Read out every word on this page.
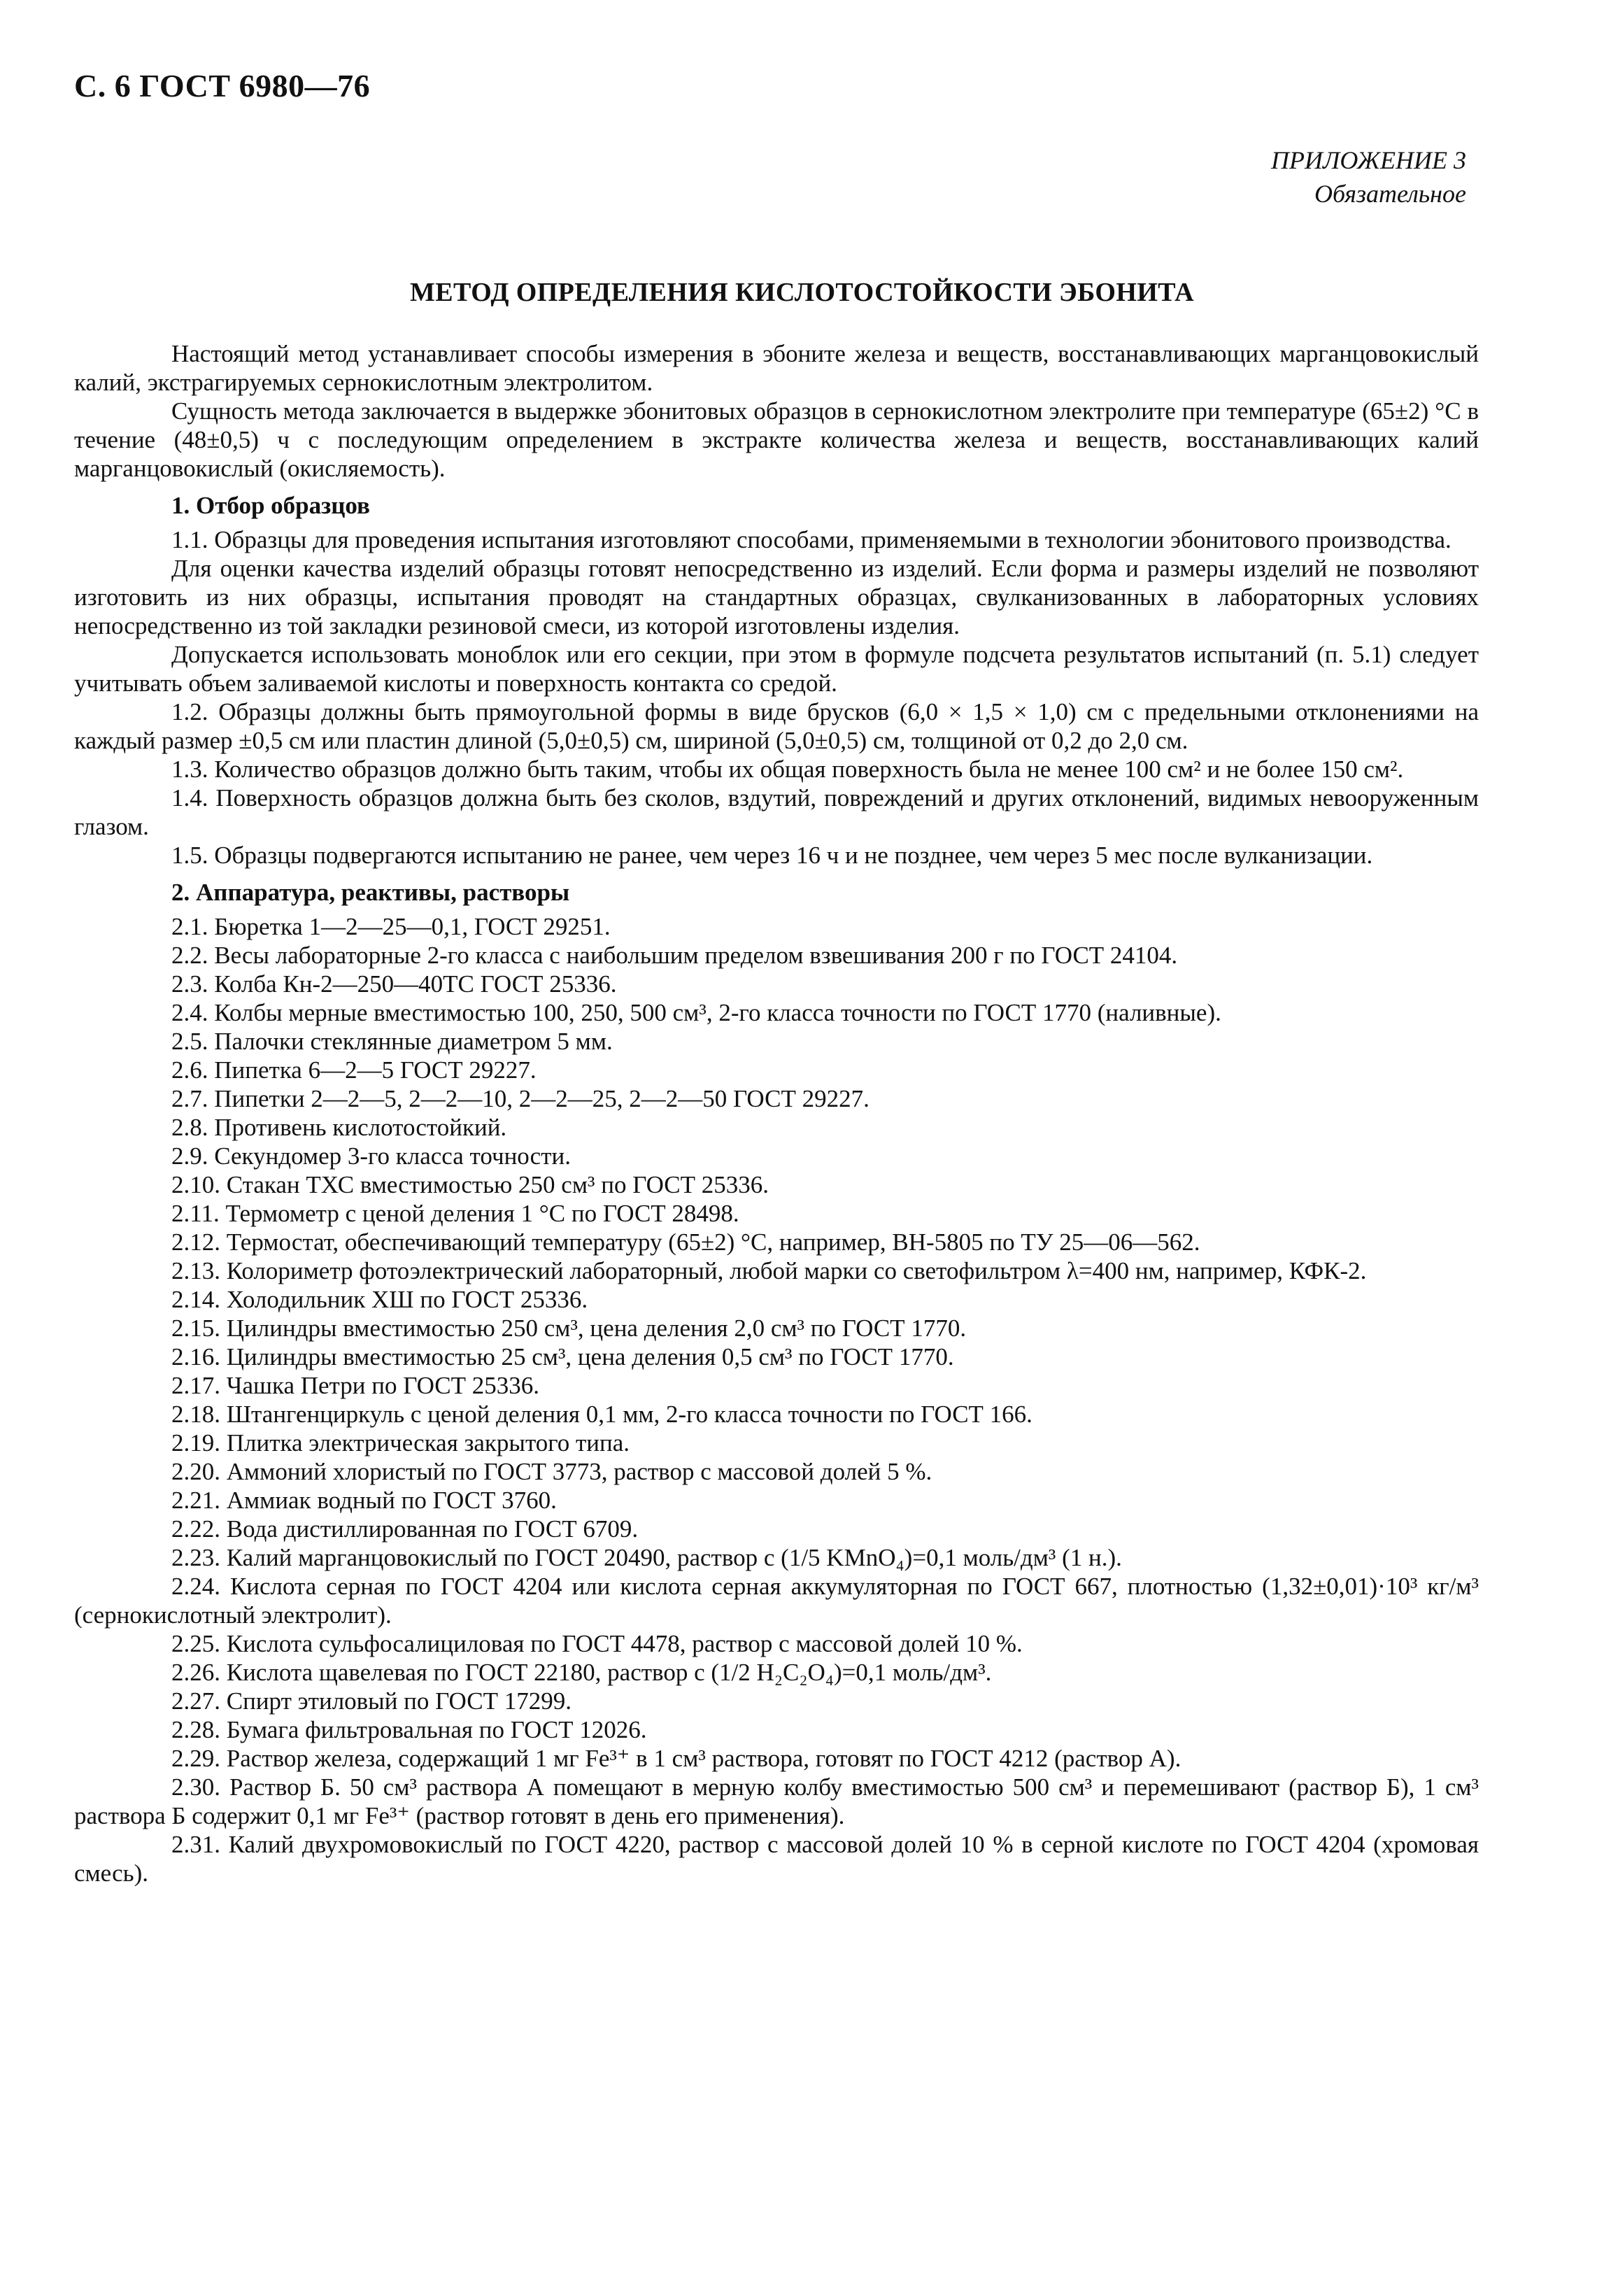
С. 6 ГОСТ 6980—76
ПРИЛОЖЕНИЕ 3
Обязательное
МЕТОД ОПРЕДЕЛЕНИЯ КИСЛОТОСТОЙКОСТИ ЭБОНИТА

Настоящий метод устанавливает способы измерения в эбоните железа и веществ, восстанавливающих марганцовокислый калий, экстрагируемых сернокислотным электролитом.

Сущность метода заключается в выдержке эбонитовых образцов в сернокислотном электролите при температуре (65±2) °С в течение (48±0,5) ч с последующим определением в экстракте количества железа и веществ, восстанавливающих калий марганцовокислый (окисляемость).

1. Отбор образцов

1.1. Образцы для проведения испытания изготовляют способами, применяемыми в технологии эбонитового производства.

Для оценки качества изделий образцы готовят непосредственно из изделий. Если форма и размеры изделий не позволяют изготовить из них образцы, испытания проводят на стандартных образцах, свулканизованных в лабораторных условиях непосредственно из той закладки резиновой смеси, из которой изготовлены изделия.

Допускается использовать моноблок или его секции, при этом в формуле подсчета результатов испытаний (п. 5.1) следует учитывать объем заливаемой кислоты и поверхность контакта со средой.

1.2. Образцы должны быть прямоугольной формы в виде брусков (6,0 × 1,5 × 1,0) см с предельными отклонениями на каждый размер ±0,5 см или пластин длиной (5,0±0,5) см, шириной (5,0±0,5) см, толщиной от 0,2 до 2,0 см.

1.3. Количество образцов должно быть таким, чтобы их общая поверхность была не менее 100 см² и не более 150 см².

1.4. Поверхность образцов должна быть без сколов, вздутий, повреждений и других отклонений, видимых невооруженным глазом.

1.5. Образцы подвергаются испытанию не ранее, чем через 16 ч и не позднее, чем через 5 мес после вулканизации.

2. Аппаратура, реактивы, растворы

2.1. Бюретка 1—2—25—0,1, ГОСТ 29251.

2.2. Весы лабораторные 2-го класса с наибольшим пределом взвешивания 200 г по ГОСТ 24104.

2.3. Колба Кн-2—250—40ТС ГОСТ 25336.

2.4. Колбы мерные вместимостью 100, 250, 500 см³, 2-го класса точности по ГОСТ 1770 (наливные).

2.5. Палочки стеклянные диаметром 5 мм.

2.6. Пипетка 6—2—5 ГОСТ 29227.

2.7. Пипетки 2—2—5, 2—2—10, 2—2—25, 2—2—50 ГОСТ 29227.

2.8. Противень кислотостойкий.

2.9. Секундомер 3-го класса точности.

2.10. Стакан ТХС вместимостью 250 см³ по ГОСТ 25336.

2.11. Термометр с ценой деления 1 °С по ГОСТ 28498.

2.12. Термостат, обеспечивающий температуру (65±2) °С, например, ВН-5805 по ТУ 25—06—562.

2.13. Колориметр фотоэлектрический лабораторный, любой марки со светофильтром λ=400 нм, например, КФК-2.

2.14. Холодильник ХШ по ГОСТ 25336.

2.15. Цилиндры вместимостью 250 см³, цена деления 2,0 см³ по ГОСТ 1770.

2.16. Цилиндры вместимостью 25 см³, цена деления 0,5 см³ по ГОСТ 1770.

2.17. Чашка Петри по ГОСТ 25336.

2.18. Штангенциркуль с ценой деления 0,1 мм, 2-го класса точности по ГОСТ 166.

2.19. Плитка электрическая закрытого типа.

2.20. Аммоний хлористый по ГОСТ 3773, раствор с массовой долей 5 %.

2.21. Аммиак водный по ГОСТ 3760.

2.22. Вода дистиллированная по ГОСТ 6709.

2.23. Калий марганцовокислый по ГОСТ 20490, раствор c (1/5 KMnO₄)=0,1 моль/дм³ (1 н.).

2.24. Кислота серная по ГОСТ 4204 или кислота серная аккумуляторная по ГОСТ 667, плотностью (1,32±0,01)·10³ кг/м³ (сернокислотный электролит).

2.25. Кислота сульфосалициловая по ГОСТ 4478, раствор с массовой долей 10 %.

2.26. Кислота щавелевая по ГОСТ 22180, раствор c (1/2 H₂C₂O₄)=0,1 моль/дм³.

2.27. Спирт этиловый по ГОСТ 17299.

2.28. Бумага фильтровальная по ГОСТ 12026.

2.29. Раствор железа, содержащий 1 мг Fe³⁺ в 1 см³ раствора, готовят по ГОСТ 4212 (раствор А).

2.30. Раствор Б. 50 см³ раствора А помещают в мерную колбу вместимостью 500 см³ и перемешивают (раствор Б), 1 см³ раствора Б содержит 0,1 мг Fe³⁺ (раствор готовят в день его применения).

2.31. Калий двухромовокислый по ГОСТ 4220, раствор с массовой долей 10 % в серной кислоте по ГОСТ 4204 (хромовая смесь).
